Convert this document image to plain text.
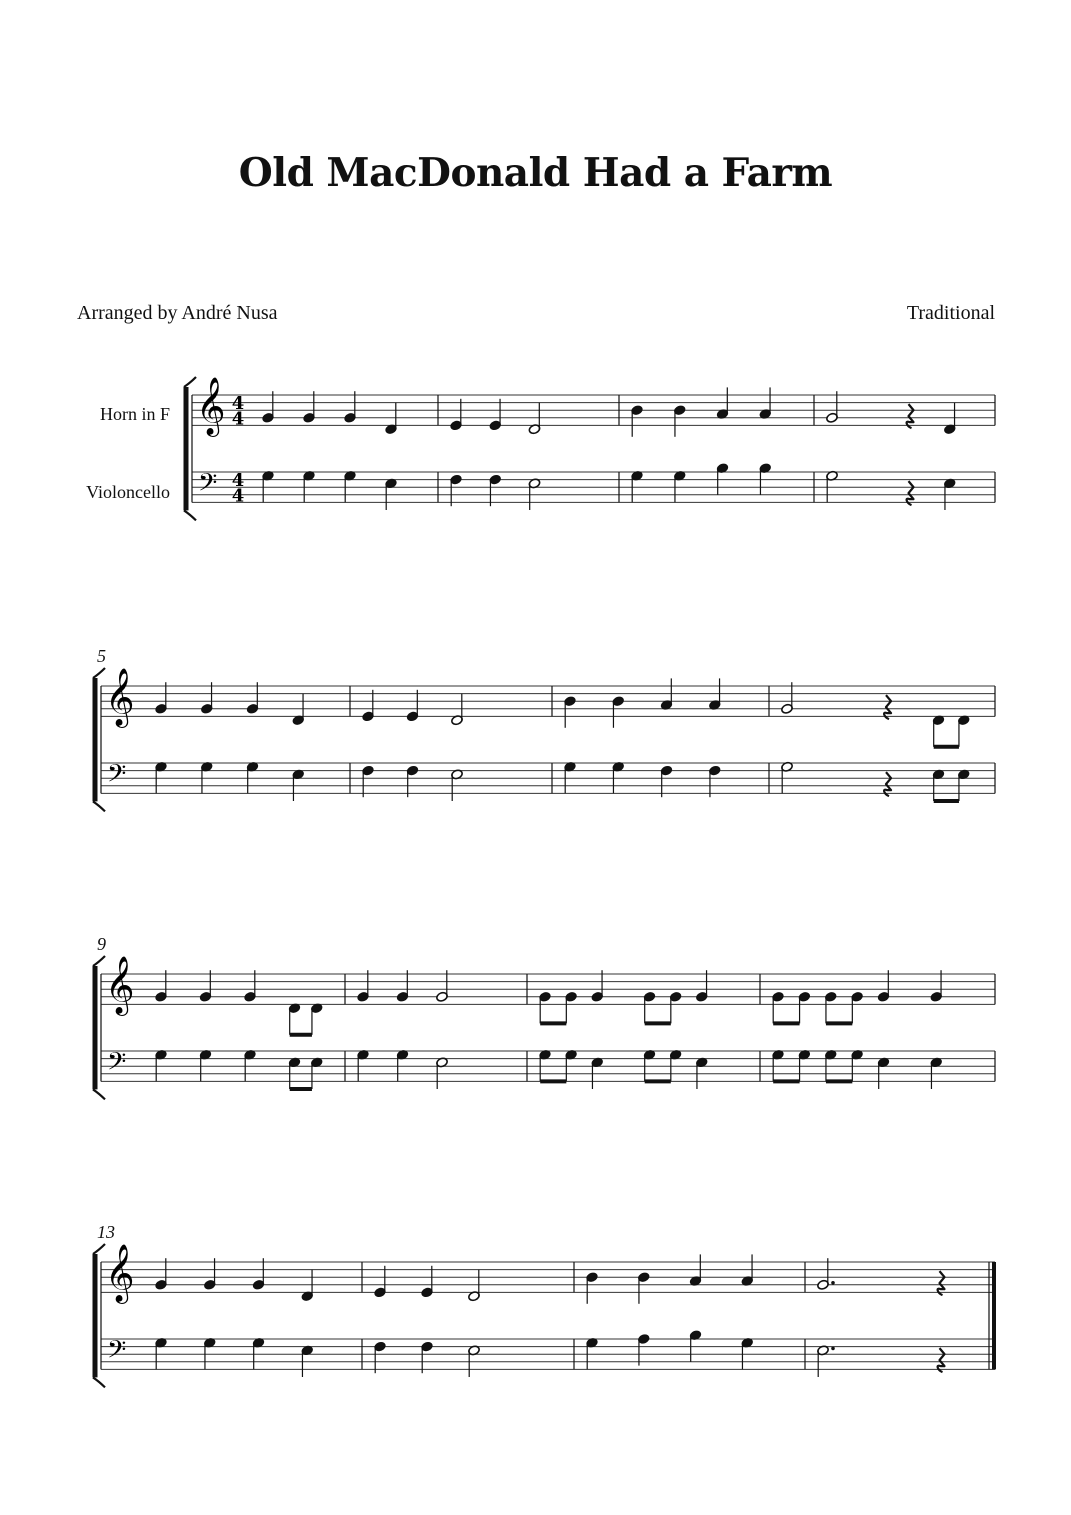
Old MacDonald Had a Farm
Arranged by André Nusa	Traditional
Horn in F
Violoncello
5
9
13
𝄞
𝄢
4
4
4
4
𝄞
𝄢
𝄞
𝄢
𝄞
𝄢
